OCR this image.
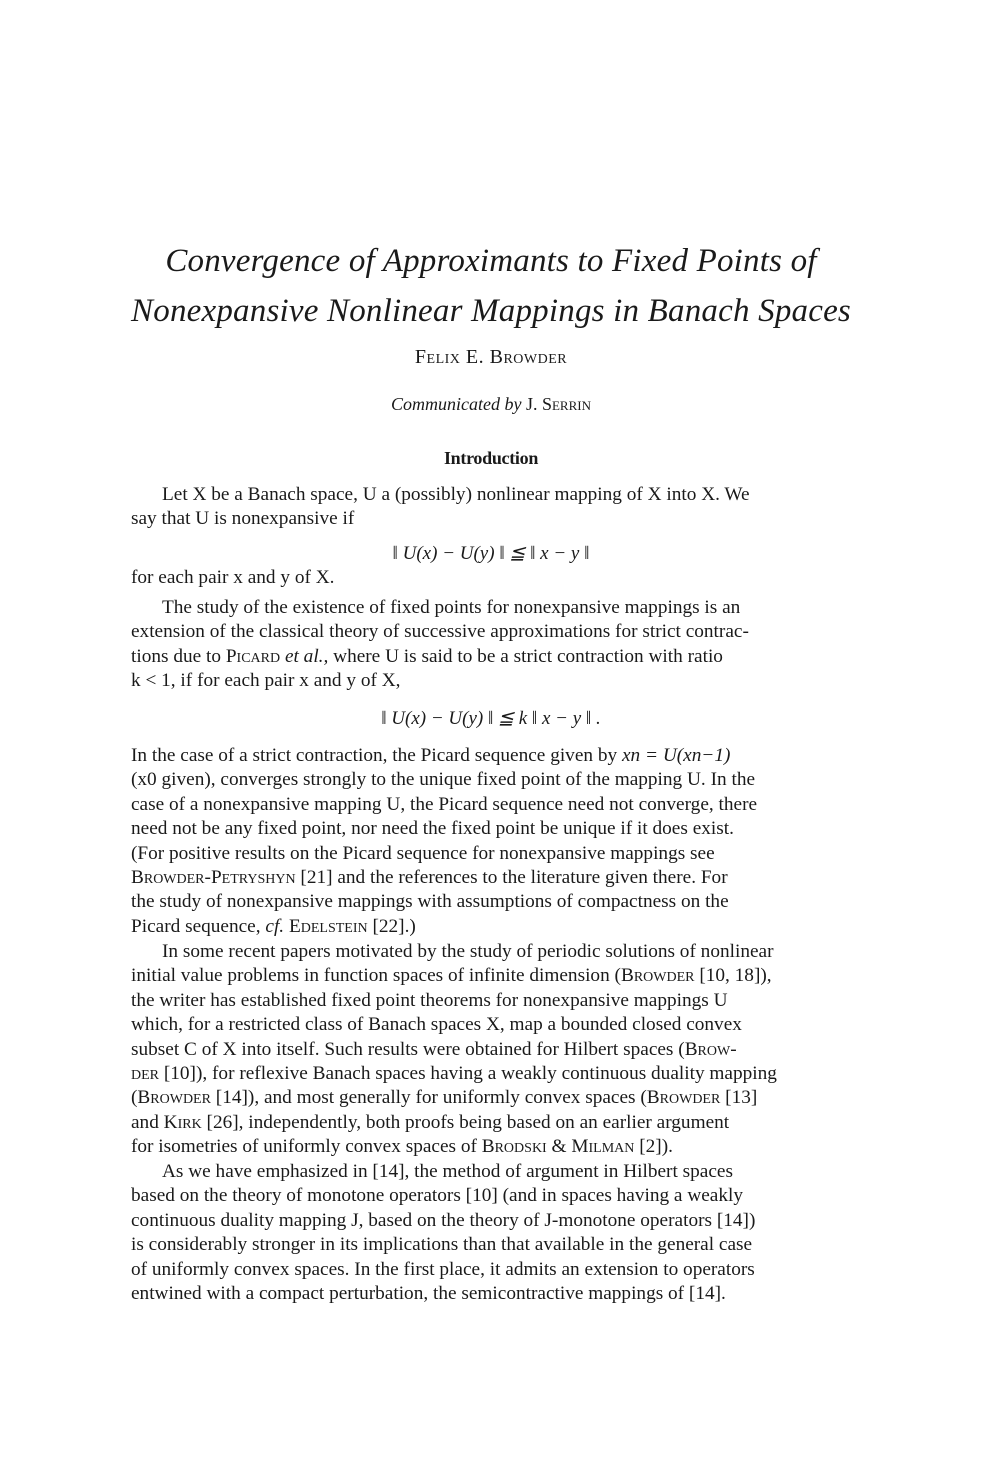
Convergence of Approximants to Fixed Points of
Nonexpansive Nonlinear Mappings in Banach Spaces
Felix E. Browder
Communicated by J. Serrin
Introduction

Let X be a Banach space, U a (possibly) nonlinear mapping of X into X. We

say that U is nonexpansive if

‖ U(x) − U(y) ‖ ≦ ‖ x − y ‖

for each pair x and y of X.

The study of the existence of fixed points for nonexpansive mappings is an

extension of the classical theory of successive approximations for strict contrac-

tions due to Picard et al., where U is said to be a strict contraction with ratio

k < 1, if for each pair x and y of X,

‖ U(x) − U(y) ‖ ≦ k ‖ x − y ‖ .

In the case of a strict contraction, the Picard sequence given by xn = U(xn−1)

(x0 given), converges strongly to the unique fixed point of the mapping U. In the

case of a nonexpansive mapping U, the Picard sequence need not converge, there

need not be any fixed point, nor need the fixed point be unique if it does exist.

(For positive results on the Picard sequence for nonexpansive mappings see

Browder-Petryshyn [21] and the references to the literature given there. For

the study of nonexpansive mappings with assumptions of compactness on the

Picard sequence, cf. Edelstein [22].)

In some recent papers motivated by the study of periodic solutions of nonlinear

initial value problems in function spaces of infinite dimension (Browder [10, 18]),

the writer has established fixed point theorems for nonexpansive mappings U

which, for a restricted class of Banach spaces X, map a bounded closed convex

subset C of X into itself. Such results were obtained for Hilbert spaces (Brow-

der [10]), for reflexive Banach spaces having a weakly continuous duality mapping

(Browder [14]), and most generally for uniformly convex spaces (Browder [13]

and Kirk [26], independently, both proofs being based on an earlier argument

for isometries of uniformly convex spaces of Brodski & Milman [2]).

As we have emphasized in [14], the method of argument in Hilbert spaces

based on the theory of monotone operators [10] (and in spaces having a weakly

continuous duality mapping J, based on the theory of J-monotone operators [14])

is considerably stronger in its implications than that available in the general case

of uniformly convex spaces. In the first place, it admits an extension to operators

entwined with a compact perturbation, the semicontractive mappings of [14].
